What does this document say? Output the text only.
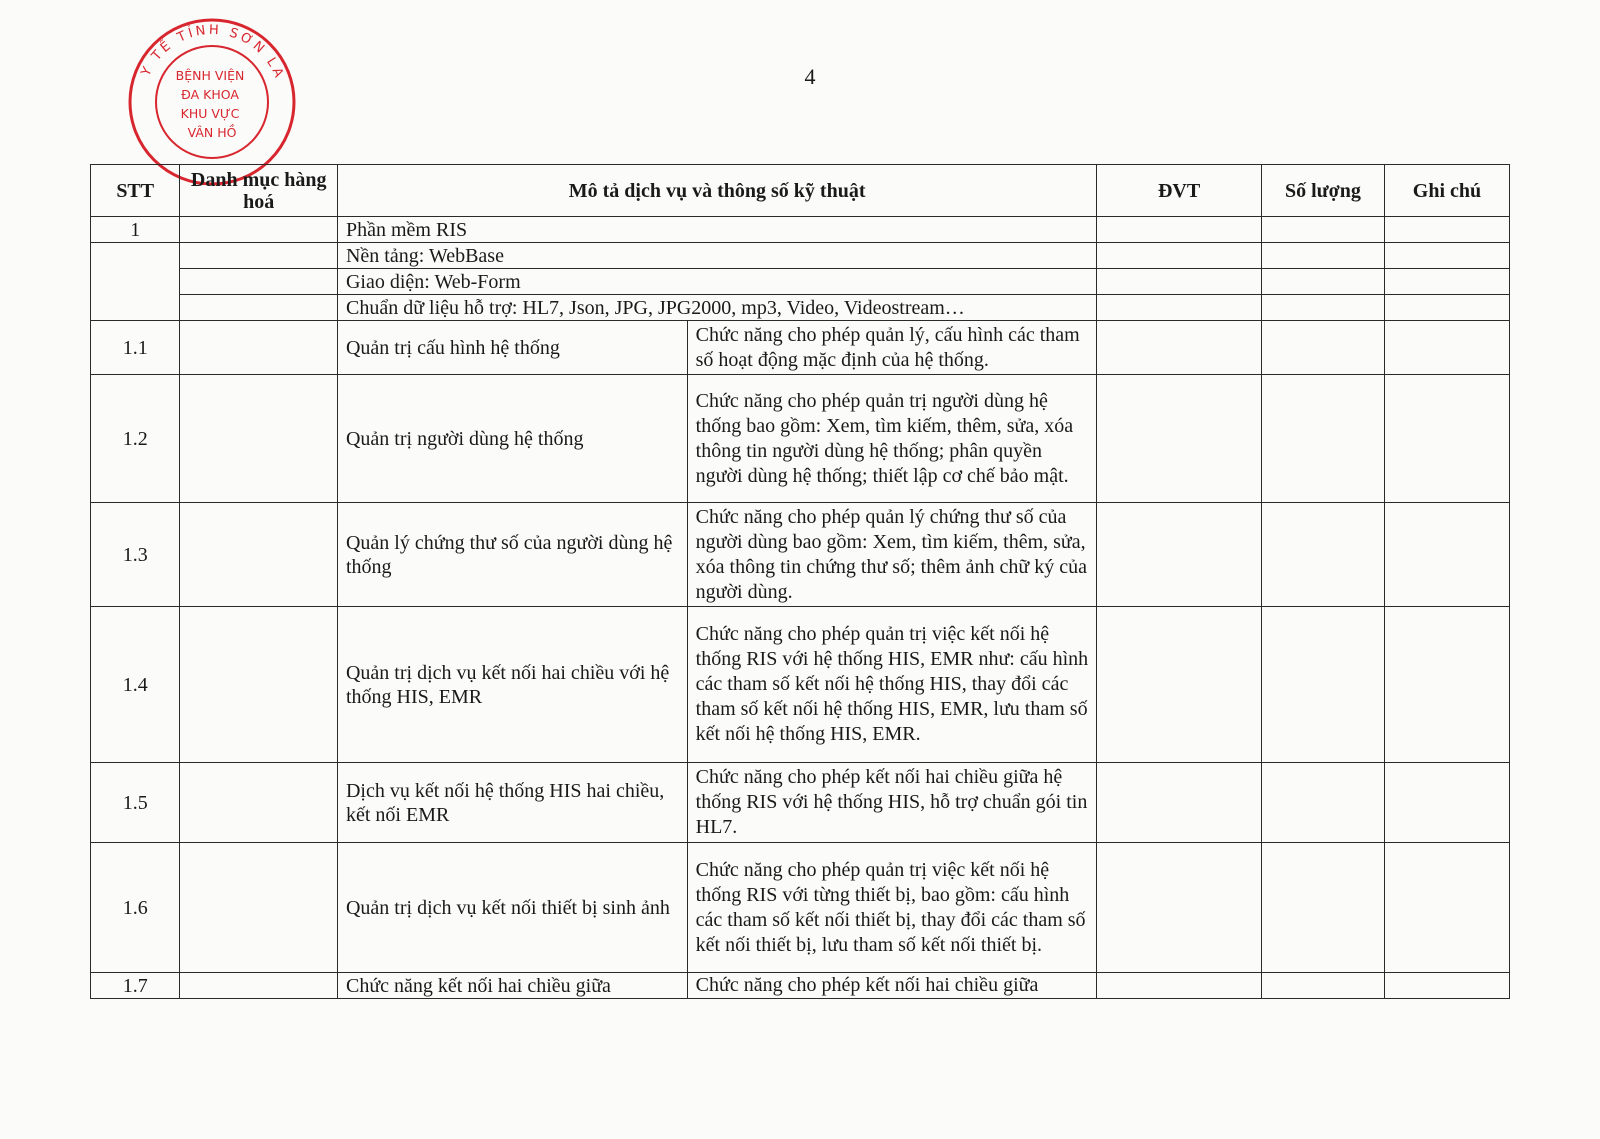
4
Y TẾ TỈNH SƠN LA
BỆNH VIỆN ĐA KHOA KHU VỰC VÂN HỒ
STT	Danh mục hàng hoá	Mô tả dịch vụ và thông số kỹ thuật		ĐVT	Số lượng	Ghi chú
1		Phần mềm RIS				
		Nền tảng: WebBase				
		Giao diện: Web-Form				
		Chuẩn dữ liệu hỗ trợ: HL7, Json, JPG, JPG2000, mp3, Video, Videostream…				
1.1		Quản trị cấu hình hệ thống	Chức năng cho phép quản lý, cấu hình các tham số hoạt động mặc định của hệ thống.			
1.2		Quản trị người dùng hệ thống	Chức năng cho phép quản trị người dùng hệ thống bao gồm: Xem, tìm kiếm, thêm, sửa, xóa thông tin người dùng hệ thống; phân quyền người dùng hệ thống; thiết lập cơ chế bảo mật.			
1.3		Quản lý chứng thư số của người dùng hệ thống	Chức năng cho phép quản lý chứng thư số của người dùng bao gồm: Xem, tìm kiếm, thêm, sửa, xóa thông tin chứng thư số; thêm ảnh chữ ký của người dùng.			
1.4		Quản trị dịch vụ kết nối hai chiều với hệ thống HIS, EMR	Chức năng cho phép quản trị việc kết nối hệ thống RIS với hệ thống HIS, EMR như: cấu hình các tham số kết nối hệ thống HIS, thay đổi các tham số kết nối hệ thống HIS, EMR, lưu tham số kết nối hệ thống HIS, EMR.			
1.5		Dịch vụ kết nối hệ thống HIS hai chiều, kết nối EMR	Chức năng cho phép kết nối hai chiều giữa hệ thống RIS với hệ thống HIS, hỗ trợ chuẩn gói tin HL7.			
1.6		Quản trị dịch vụ kết nối thiết bị sinh ảnh	Chức năng cho phép quản trị việc kết nối hệ thống RIS với từng thiết bị, bao gồm: cấu hình các tham số kết nối thiết bị, thay đổi các tham số kết nối thiết bị, lưu tham số kết nối thiết bị.			
1.7		Chức năng kết nối hai chiều giữa	Chức năng cho phép kết nối hai chiều giữa			
